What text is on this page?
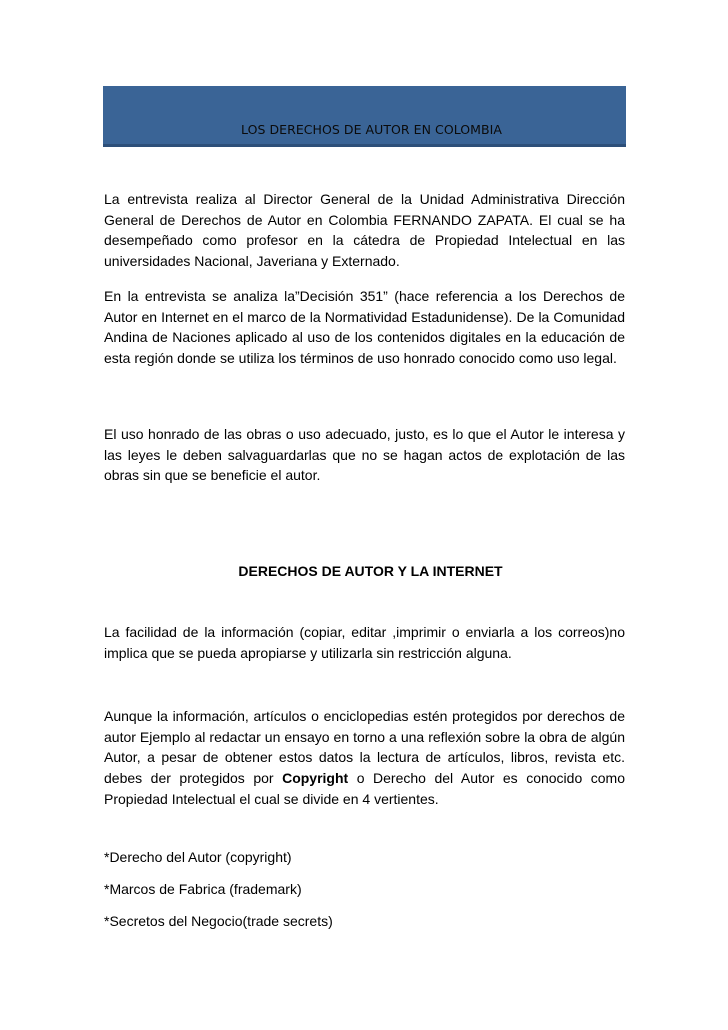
LOS DERECHOS DE AUTOR EN COLOMBIA

La entrevista realiza al Director General de la Unidad Administrativa Dirección General de Derechos de Autor en Colombia FERNANDO ZAPATA. El cual se ha desempeñado como profesor en la cátedra de Propiedad Intelectual en las universidades Nacional, Javeriana y Externado.

En la entrevista se analiza la”Decisión 351” (hace referencia a los Derechos de Autor en Internet en el marco de la Normatividad Estadunidense). De la Comunidad Andina de Naciones aplicado al uso de los contenidos digitales en la educación de esta región donde se utiliza los términos de uso honrado conocido como uso legal.

El uso honrado de las obras o uso adecuado, justo, es lo que el Autor le interesa y las leyes le deben salvaguardarlas que no se hagan actos de explotación de las obras sin que se beneficie el autor.

DERECHOS DE AUTOR Y LA INTERNET

La facilidad de la información (copiar, editar ,imprimir o enviarla a los correos)no implica que se pueda apropiarse y utilizarla sin restricción alguna.

Aunque la información, artículos o enciclopedias estén protegidos por derechos de autor Ejemplo al redactar un ensayo en torno a una reflexión sobre la obra de algún Autor, a pesar de obtener estos datos la lectura de artículos, libros, revista etc. debes der protegidos por Copyright o Derecho del Autor es conocido como Propiedad Intelectual el cual se divide en 4 vertientes.

*Derecho del Autor (copyright)
*Marcos de Fabrica (frademark)
*Secretos del Negocio(trade secrets)
